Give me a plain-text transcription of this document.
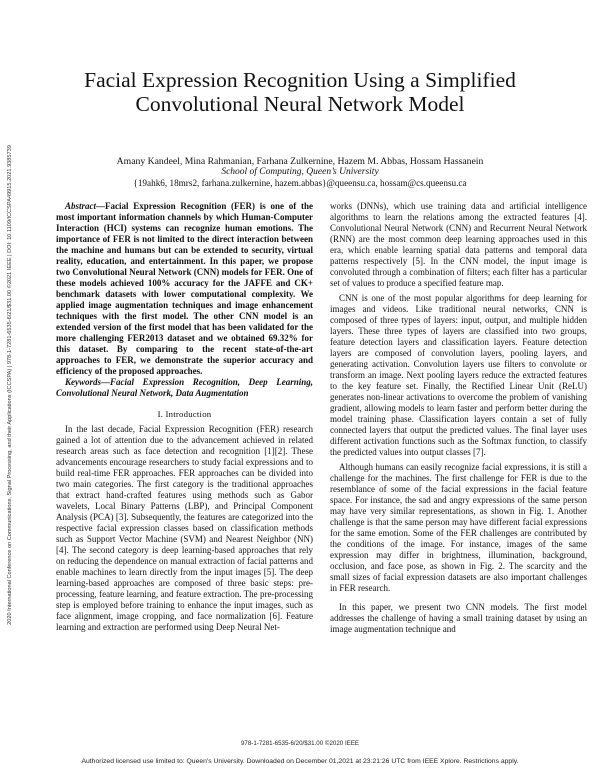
2020 International Conference on Communications, Signal Processing, and their Applications (ICCSPA) | 978-1-7281-6535-6/21/$31.00 ©2021 IEEE | DOI: 10.1109/ICCSPA49915.2021.9385739
Facial Expression Recognition Using a Simplified
Convolutional Neural Network Model
Amany Kandeel, Mina Rahmanian, Farhana Zulkernine, Hazem M. Abbas, Hossam Hassanein
School of Computing, Queen’s University
{19ahk6, 18mrs2, farhana.zulkernine, hazem.abbas}@queensu.ca, hossam@cs.queensu.ca

Abstract—Facial Expression Recognition (FER) is one of the most important information channels by which Human-Computer Interaction (HCI) systems can recognize human emotions. The importance of FER is not limited to the direct interaction between the machine and humans but can be extended to security, virtual reality, education, and entertainment. In this paper, we propose two Convolutional Neural Network (CNN) models for FER. One of these models achieved 100% accuracy for the JAFFE and CK+ benchmark datasets with lower computational complexity. We applied image augmentation techniques and image enhancement techniques with the first model. The other CNN model is an extended version of the first model that has been validated for the more challenging FER2013 dataset and we obtained 69.32% for this dataset. By comparing to the recent state-of-the-art approaches to FER, we demonstrate the superior accuracy and efficiency of the proposed approaches.

Keywords—Facial Expression Recognition, Deep Learning, Convolutional Neural Network, Data Augmentation

I. Introduction

In the last decade, Facial Expression Recognition (FER) research gained a lot of attention due to the advancement achieved in related research areas such as face detection and recognition [1][2]. These advancements encourage researchers to study facial expressions and to build real-time FER approaches. FER approaches can be divided into two main categories. The first category is the traditional approaches that extract hand-crafted features using methods such as Gabor wavelets, Local Binary Patterns (LBP), and Principal Component Analysis (PCA) [3]. Subsequently, the features are categorized into the respective facial expression classes based on classification methods such as Support Vector Machine (SVM) and Nearest Neighbor (NN) [4]. The second category is deep learning-based approaches that rely on reducing the dependence on manual extraction of facial patterns and enable machines to learn directly from the input images [5]. The deep learning-based approaches are composed of three basic steps: pre-processing, feature learning, and feature extraction. The pre-processing step is employed before training to enhance the input images, such as face alignment, image cropping, and face normalization [6]. Feature learning and extraction are performed using Deep Neural Net-

works (DNNs), which use training data and artificial intelligence algorithms to learn the relations among the extracted features [4]. Convolutional Neural Network (CNN) and Recurrent Neural Network (RNN) are the most common deep learning approaches used in this era, which enable learning spatial data patterns and temporal data patterns respectively [5]. In the CNN model, the input image is convoluted through a combination of filters; each filter has a particular set of values to produce a specified feature map.

CNN is one of the most popular algorithms for deep learning for images and videos. Like traditional neural networks, CNN is composed of three types of layers: input, output, and multiple hidden layers. These three types of layers are classified into two groups, feature detection layers and classification layers. Feature detection layers are composed of convolution layers, pooling layers, and generating activation. Convolution layers use filters to convolute or transform an image. Next pooling layers reduce the extracted features to the key feature set. Finally, the Rectified Linear Unit (ReLU) generates non-linear activations to overcome the problem of vanishing gradient, allowing models to learn faster and perform better during the model training phase. Classification layers contain a set of fully connected layers that output the predicted values. The final layer uses different activation functions such as the Softmax function, to classify the predicted values into output classes [7].

Although humans can easily recognize facial expressions, it is still a challenge for the machines. The first challenge for FER is due to the resemblance of some of the facial expressions in the facial feature space. For instance, the sad and angry expressions of the same person may have very similar representations, as shown in Fig. 1. Another challenge is that the same person may have different facial expressions for the same emotion. Some of the FER challenges are contributed by the conditions of the image. For instance, images of the same expression may differ in brightness, illumination, background, occlusion, and face pose, as shown in Fig. 2. The scarcity and the small sizes of facial expression datasets are also important challenges in FER research.

In this paper, we present two CNN models. The first model addresses the challenge of having a small training dataset by using an image augmentation technique and

978-1-7281-6535-6/20/$31.00 ©2020 IEEE
Authorized licensed use limited to: Queen's University. Downloaded on December 01,2021 at 23:21:26 UTC from IEEE Xplore. Restrictions apply.
